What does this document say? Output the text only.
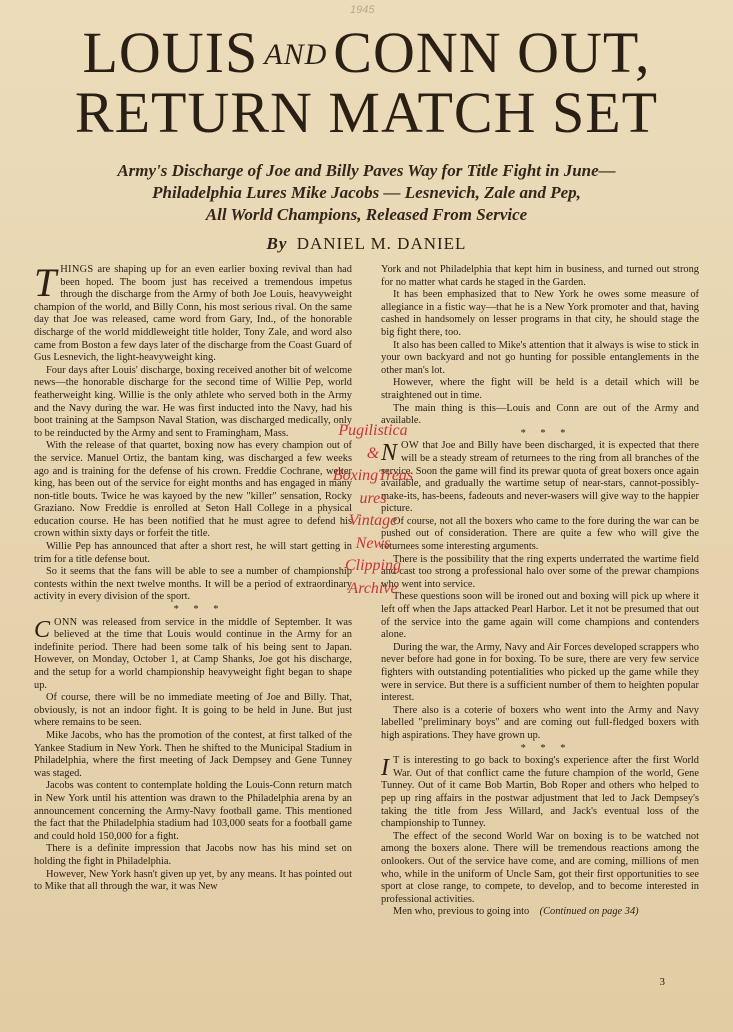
1945
LOUIS AND CONN OUT,
RETURN MATCH SET
Army's Discharge of Joe and Billy Paves Way for Title Fight in June—
Philadelphia Lures Mike Jacobs — Lesnevich, Zale and Pep,
All World Champions, Released From Service
By DANIEL M. DANIEL

THINGS are shaping up for an even earlier boxing revival than had been hoped. The boom just has received a tremendous impetus through the discharge from the Army of both Joe Louis, heavyweight champion of the world, and Billy Conn, his most serious rival. On the same day that Joe was released, came word from Gary, Ind., of the honorable discharge of the world middleweight title holder, Tony Zale, and word also came from Boston a few days later of the discharge from the Coast Guard of Gus Lesnevich, the light-heavyweight king.

Four days after Louis' discharge, boxing received another bit of welcome news—the honorable discharge for the second time of Willie Pep, world featherweight king. Willie is the only athlete who served both in the Army and the Navy during the war. He was first inducted into the Navy, had his boot training at the Sampson Naval Station, was discharged medically, only to be reinducted by the Army and sent to Framingham, Mass.

With the release of that quartet, boxing now has every champion out of the service. Manuel Ortiz, the bantam king, was discharged a few weeks ago and is training for the defense of his crown. Freddie Cochrane, welter king, has been out of the service for eight months and has engaged in many non-title bouts. Twice he was kayoed by the new "killer" sensation, Rocky Graziano. Now Freddie is enrolled at Seton Hall College in a physical education course. He has been notified that he must agree to defend his crown within sixty days or forfeit the title.

Willie Pep has announced that after a short rest, he will start getting in trim for a title defense bout.

So it seems that the fans will be able to see a number of championship contests within the next twelve months. It will be a period of extraordinary activity in every division of the sport.

* * *

CONN was released from service in the middle of September. It was believed at the time that Louis would continue in the Army for an indefinite period. There had been some talk of his being sent to Japan. However, on Monday, October 1, at Camp Shanks, Joe got his discharge, and the setup for a world championship heavyweight fight began to shape up.

Of course, there will be no immediate meeting of Joe and Billy. That, obviously, is not an indoor fight. It is going to be held in June. But just where remains to be seen.

Mike Jacobs, who has the promotion of the contest, at first talked of the Yankee Stadium in New York. Then he shifted to the Municipal Stadium in Philadelphia, where the first meeting of Jack Dempsey and Gene Tunney was staged.

Jacobs was content to contemplate holding the Louis-Conn return match in New York until his attention was drawn to the Philadelphia arena by an announcement concerning the Army-Navy football game. This mentioned the fact that the Philadelphia stadium had 103,000 seats for a football game and could hold 150,000 for a fight.

There is a definite impression that Jacobs now has his mind set on holding the fight in Philadelphia.

However, New York hasn't given up yet, by any means. It has pointed out to Mike that all through the war, it was New

York and not Philadelphia that kept him in business, and turned out strong for no matter what cards he staged in the Garden.

It has been emphasized that to New York he owes some measure of allegiance in a fistic way—that he is a New York promoter and that, having cashed in handsomely on lesser programs in that city, he should stage the big fight there, too.

It also has been called to Mike's attention that it always is wise to stick in your own backyard and not go hunting for possible entanglements in the other man's lot.

However, where the fight will be held is a detail which will be straightened out in time.

The main thing is this—Louis and Conn are out of the Army and available.

* * *

NOW that Joe and Billy have been discharged, it is expected that there will be a steady stream of returnees to the ring from all branches of the service. Soon the game will find its prewar quota of great boxers once again available, and gradually the wartime setup of near-stars, cannot-possibly-make-its, has-beens, fadeouts and never-wasers will give way to the happier picture.

Of course, not all the boxers who came to the fore during the war can be pushed out of consideration. There are quite a few who will give the returnees some interesting arguments.

There is the possibility that the ring experts underrated the wartime field and cast too strong a professional halo over some of the prewar champions who went into service.

These questions soon will be ironed out and boxing will pick up where it left off when the Japs attacked Pearl Harbor. Let it not be presumed that out of the service into the game again will come champions and contenders alone.

During the war, the Army, Navy and Air Forces developed scrappers who never before had gone in for boxing. To be sure, there are very few service fighters with outstanding potentialities who picked up the game while they were in service. But there is a sufficient number of them to heighten popular interest.

There also is a coterie of boxers who went into the Army and Navy labelled "preliminary boys" and are coming out full-fledged boxers with high aspirations. They have grown up.

* * *

I T is interesting to go back to boxing's experience after the first World War. Out of that conflict came the future champion of the world, Gene Tunney. Out of it came Bob Martin, Bob Roper and others who helped to pep up ring affairs in the postwar adjustment that led to Jack Dempsey's taking the title from Jess Willard, and Jack's eventual loss of the championship to Tunney.

The effect of the second World War on boxing is to be watched not among the boxers alone. There will be tremendous reactions among the onlookers. Out of the service have come, and are coming, millions of men who, while in the uniform of Uncle Sam, got their first opportunities to see sport at close range, to compete, to develop, and to become interested in professional activities.

Men who, previous to going into (Continued on page 34)

3
Pugilistica
&
BoxingTreas
ures
Vintage
News
Clipping
Archive
